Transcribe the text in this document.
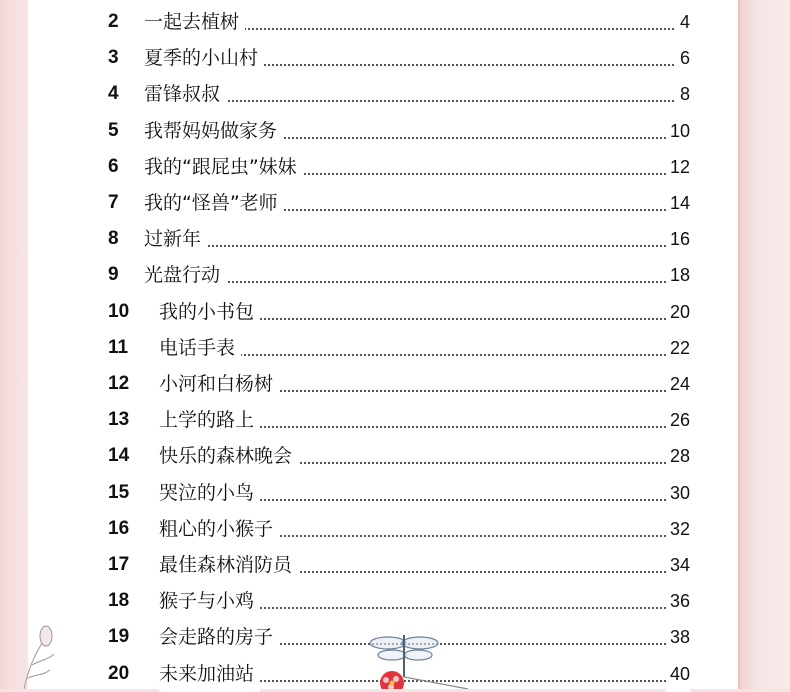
2 一起去植树	4
3 夏季的小山村	6
4 雷锋叔叔	8
5 我帮妈妈做家务	10
6 我的“跟屁虫”妹妹	12
7 我的“怪兽”老师	14
8 过新年	16
9 光盘行动	18
10 我的小书包	20
11 电话手表	22
12 小河和白杨树	24
13 上学的路上	26
14 快乐的森林晚会	28
15 哭泣的小鸟	30
16 粗心的小猴子	32
17 最佳森林消防员	34
18 猴子与小鸡	36
19 会走路的房子	38
20 未来加油站	40
